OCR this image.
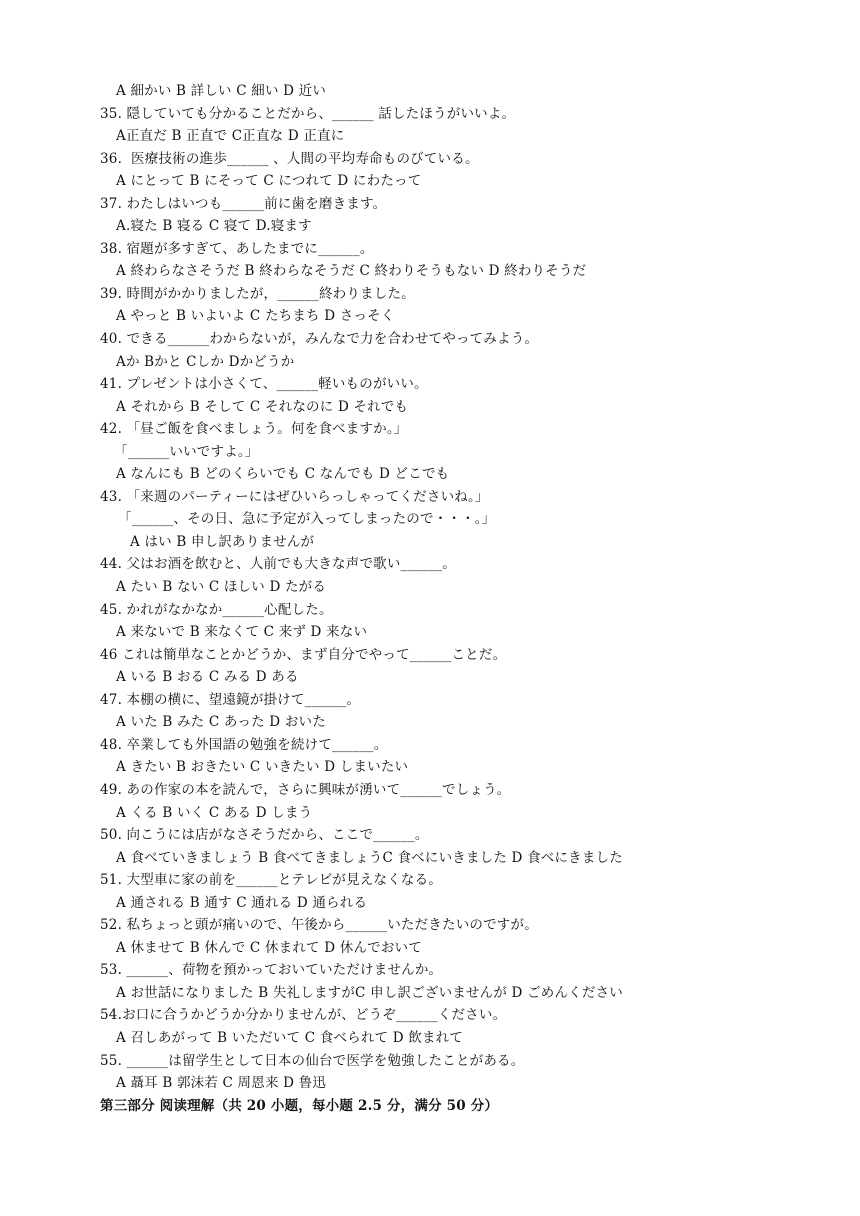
A 細かい B 詳しい C 細い D 近い
35. 隠していても分かることだから、______ 話したほうがいいよ。
A正直だ B 正直で C正直な D 正直に
36.  医療技術の進歩______ 、人間の平均寿命ものびている。
A にとって B にそって C につれて D にわたって
37. わたしはいつも______前に歯を磨きます。
A.寝た B 寝る C 寝て D.寝ます
38. 宿題が多すぎて、あしたまでに______。
A 終わらなさそうだ B 終わらなそうだ C 終わりそうもない D 終わりそうだ
39. 時間がかかりましたが，______終わりました。
A やっと B いよいよ C たちまち D さっそく
40. できる______わからないが，みんなで力を合わせてやってみよう。
Aか Bかと Cしか Dかどうか
41. プレゼントは小さくて、______軽いものがいい。
A それから B そして C それなのに D それでも
42. 「昼ご飯を食べましょう。何を食べますか。」
「______いいですよ。」
A なんにも B どのくらいでも C なんでも D どこでも
43. 「来週のパーティーにはぜひいらっしゃってくださいね。」
「______、その日、急に予定が入ってしまったので・・・。」
A はい B 申し訳ありませんが
44. 父はお酒を飲むと、人前でも大きな声で歌い______。
A たい B ない C ほしい D たがる
45. かれがなかなか______心配した。
A 来ないで B 来なくて C 来ず D 来ない
46 これは簡単なことかどうか、まず自分でやって______ことだ。
A いる B おる C みる D ある
47. 本棚の横に、望遠鏡が掛けて______。
A いた B みた C あった D おいた
48. 卒業しても外国語の勉強を続けて______。
A きたい B おきたい C いきたい D しまいたい
49. あの作家の本を読んで，さらに興味が湧いて______でしょう。
A くる B いく C ある D しまう
50. 向こうには店がなさそうだから、ここで______。
A 食べていきましょう B 食べてきましょうC 食べにいきました D 食べにきました
51. 大型車に家の前を______とテレビが見えなくなる。
A 通される B 通す C 通れる D 通られる
52. 私ちょっと頭が痛いので、午後から______いただきたいのですが。
A 休ませて B 休んで C 休まれて D 休んでおいて
53. ______、荷物を預かっておいていただけませんか。
A お世話になりました B 失礼しますがC 申し訳ございませんが D ごめんください
54.お口に合うかどうか分かりませんが、どうぞ______ください。
A 召しあがって B いただいて C 食べられて D 飲まれて
55. ______は留学生として日本の仙台で医学を勉強したことがある。
A 聶耳 B 郭沫若 C 周恩来 D 鲁迅
第三部分 阅读理解（共 20 小题，每小题 2.5 分，满分 50 分）
